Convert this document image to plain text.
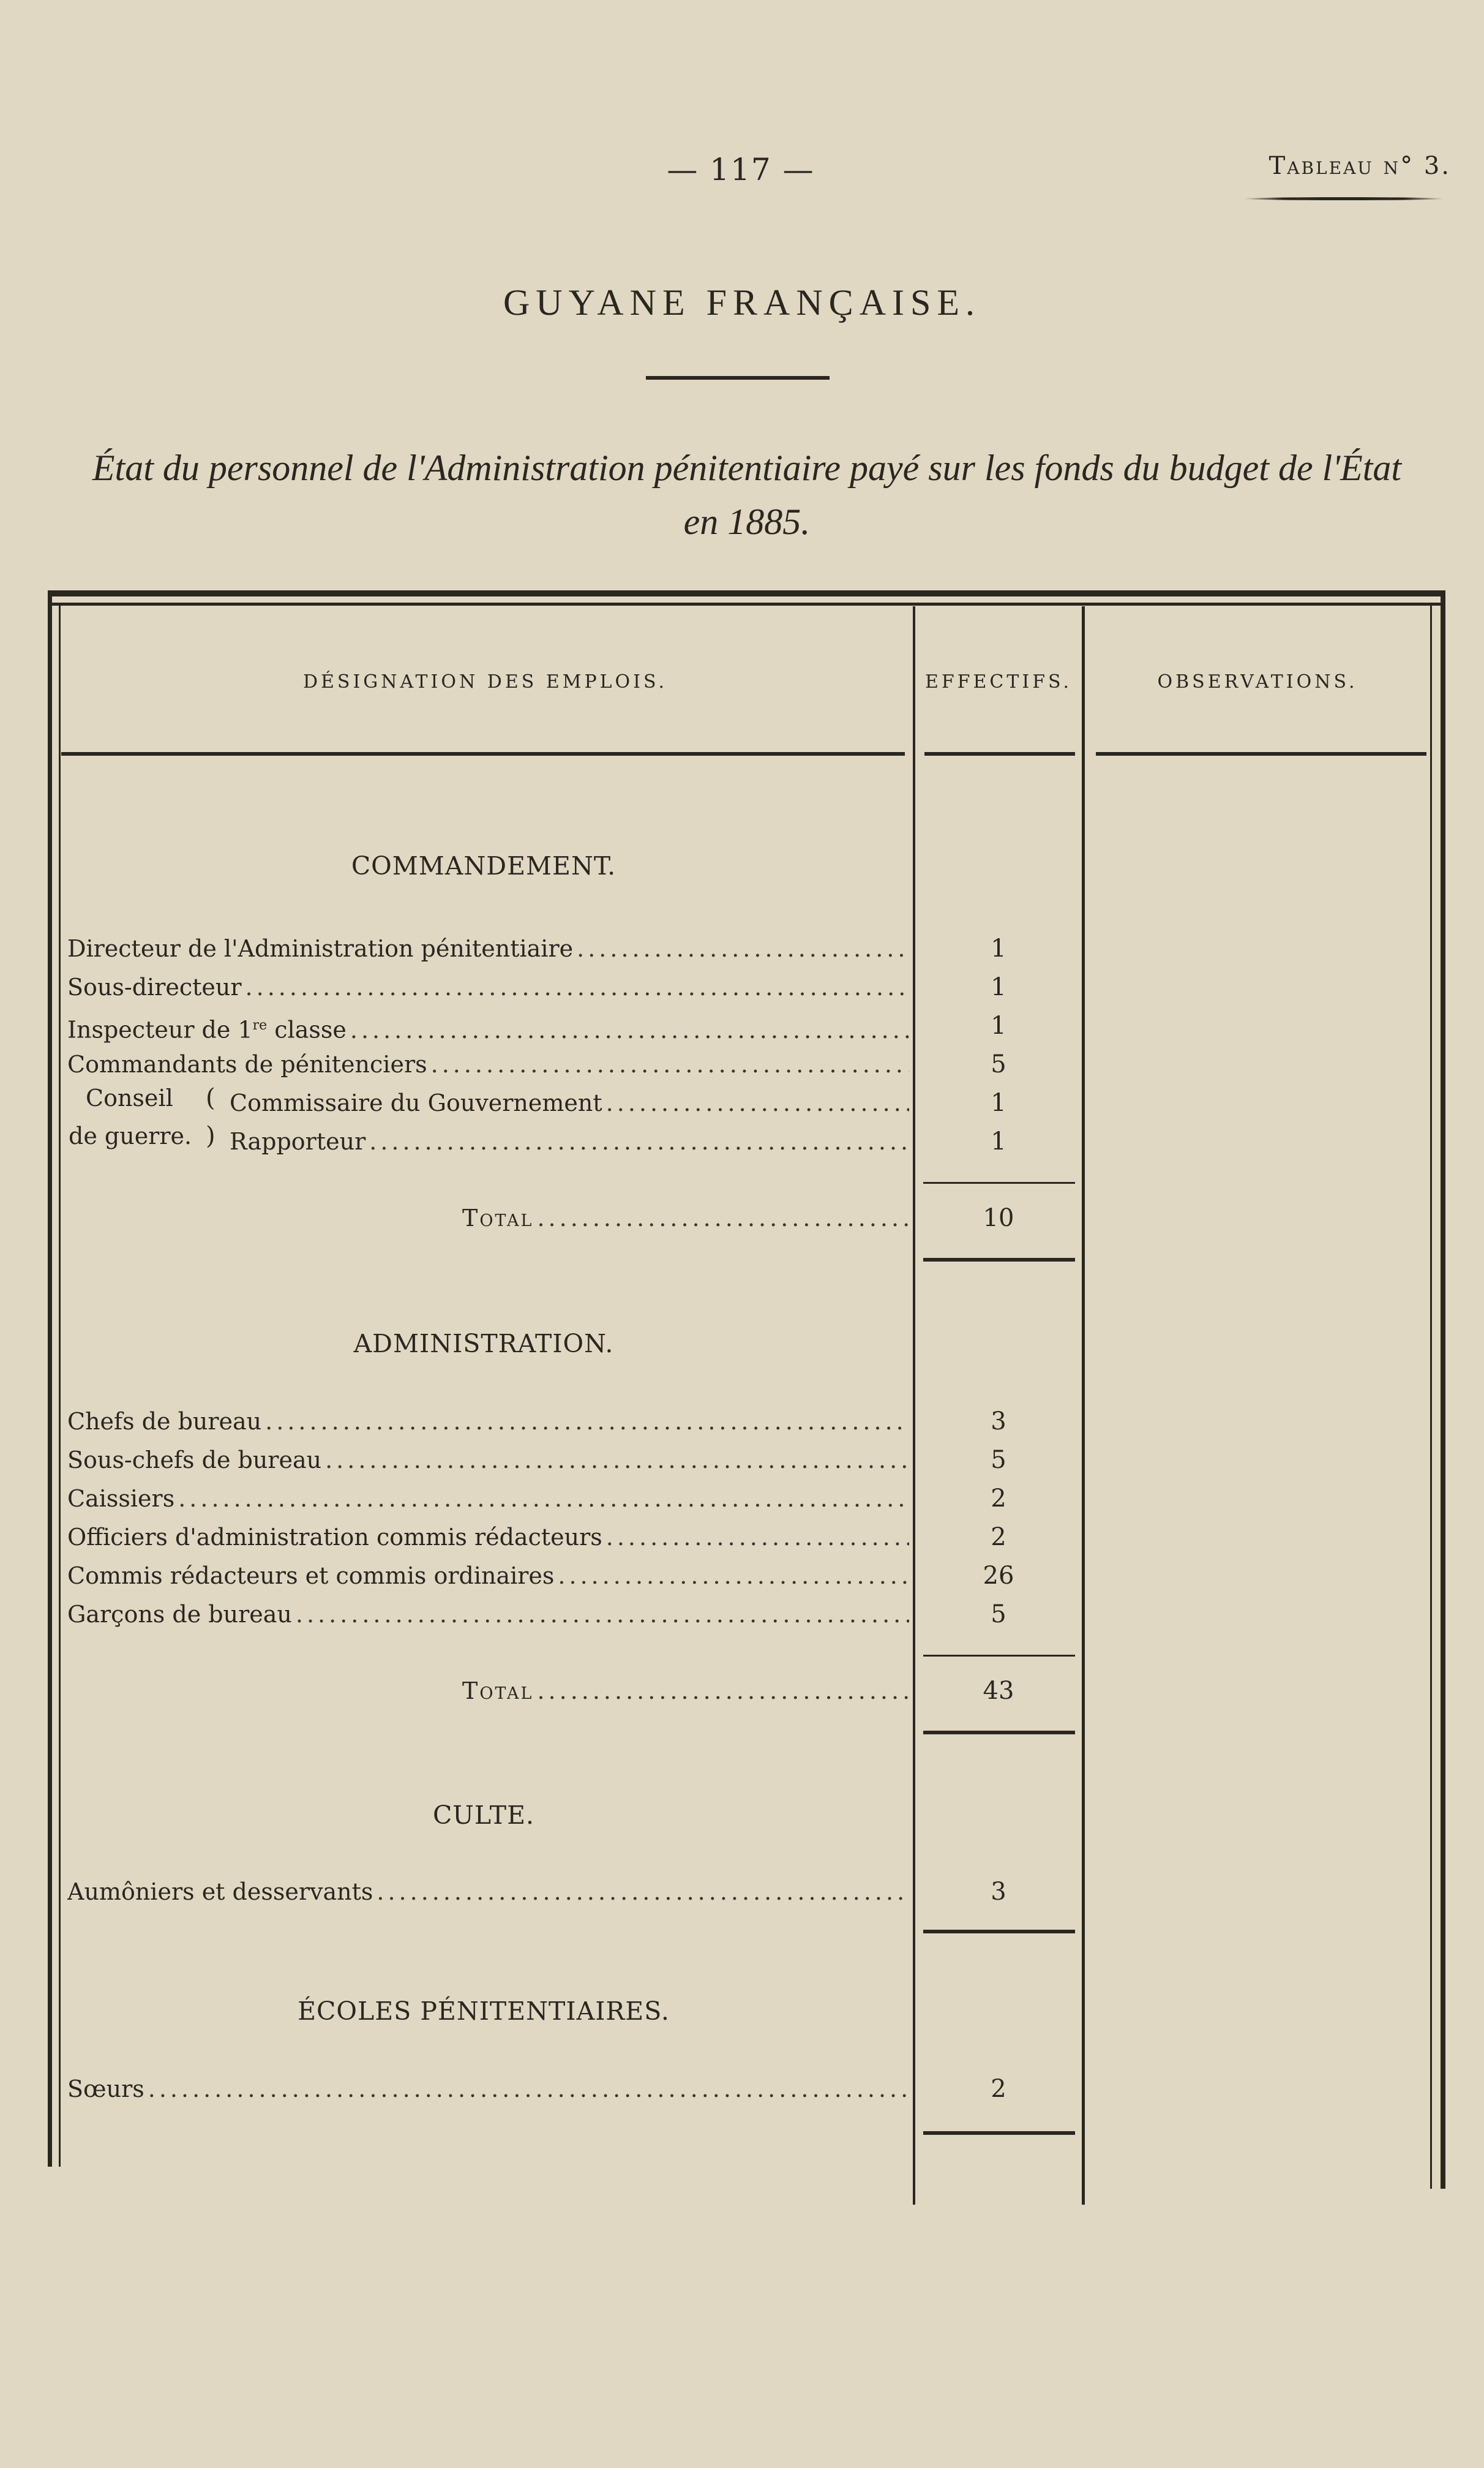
— 117 —	Tableau n° 3.
GUYANE FRANÇAISE.
État du personnel de l'Administration pénitentiaire payé sur les fonds du budget de l'État
en 1885.
DÉSIGNATION DES EMPLOIS.	EFFECTIFS.	OBSERVATIONS.
COMMANDEMENT.
Directeur de l'Administration pénitentiaire .....	1
Sous-directeur .....	1
Inspecteur de 1re classe .....	1
Commandants de pénitenciers .....	5
Conseil
de guerre.
(
)
Commissaire du Gouvernement .....	1
Rapporteur .....	1
Total .....	10
ADMINISTRATION.
Chefs de bureau .....	3
Sous-chefs de bureau .....	5
Caissiers .....	2
Officiers d'administration commis rédacteurs .....	2
Commis rédacteurs et commis ordinaires .....	26
Garçons de bureau .....	5
Total .....	43
CULTE.
Aumôniers et desservants .....	3
ÉCOLES PÉNITENTIAIRES.
Sœurs .....	2
